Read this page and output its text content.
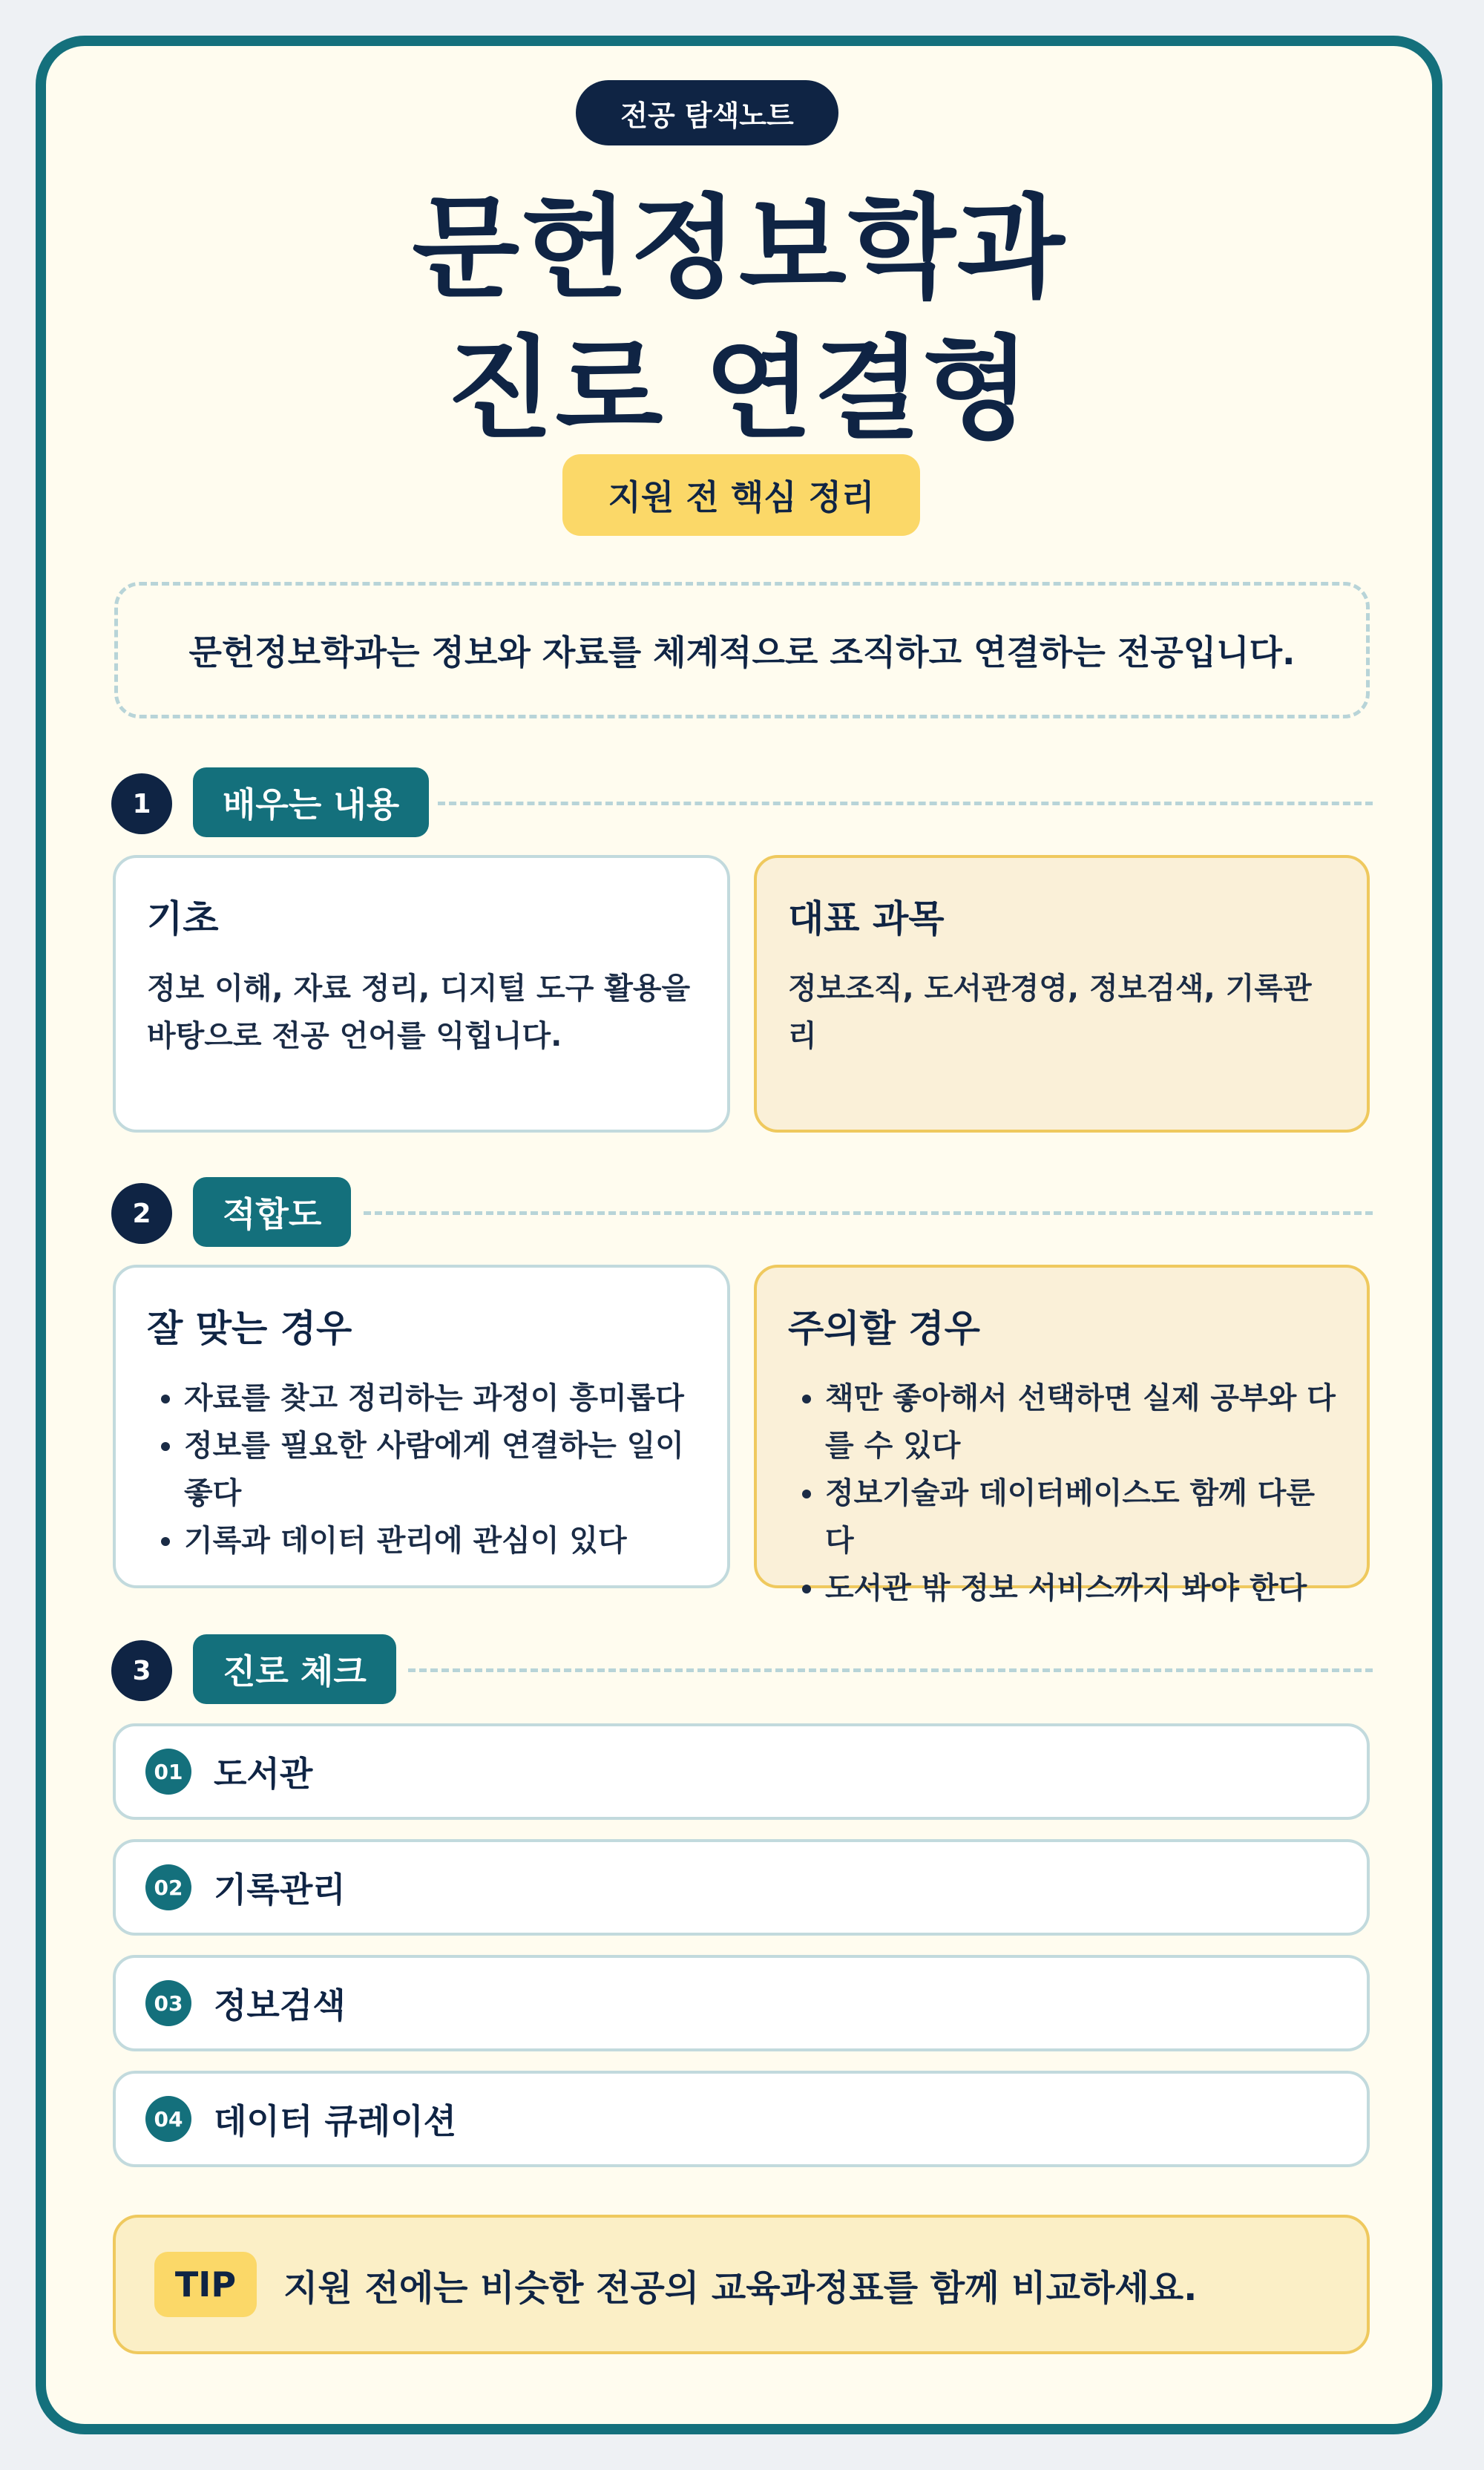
전공 탐색노트
문헌정보학과
진로 연결형
지원 전 핵심 정리
문헌정보학과는 정보와 자료를 체계적으로 조직하고 연결하는 전공입니다.
1	배우는 내용
기초

정보 이해, 자료 정리, 디지털 도구 활용을 바탕으로 전공 언어를 익힙니다.

대표 과목

정보조직, 도서관경영, 정보검색, 기록관리

2	적합도
잘 맞는 경우
• 자료를 찾고 정리하는 과정이 흥미롭다
• 정보를 필요한 사람에게 연결하는 일이 좋다
• 기록과 데이터 관리에 관심이 있다
주의할 경우
• 책만 좋아해서 선택하면 실제 공부와 다를 수 있다
• 정보기술과 데이터베이스도 함께 다룬다
• 도서관 밖 정보 서비스까지 봐야 한다
3	진로 체크
01 도서관
02 기록관리
03 정보검색
04 데이터 큐레이션
TIP	지원 전에는 비슷한 전공의 교육과정표를 함께 비교하세요.
